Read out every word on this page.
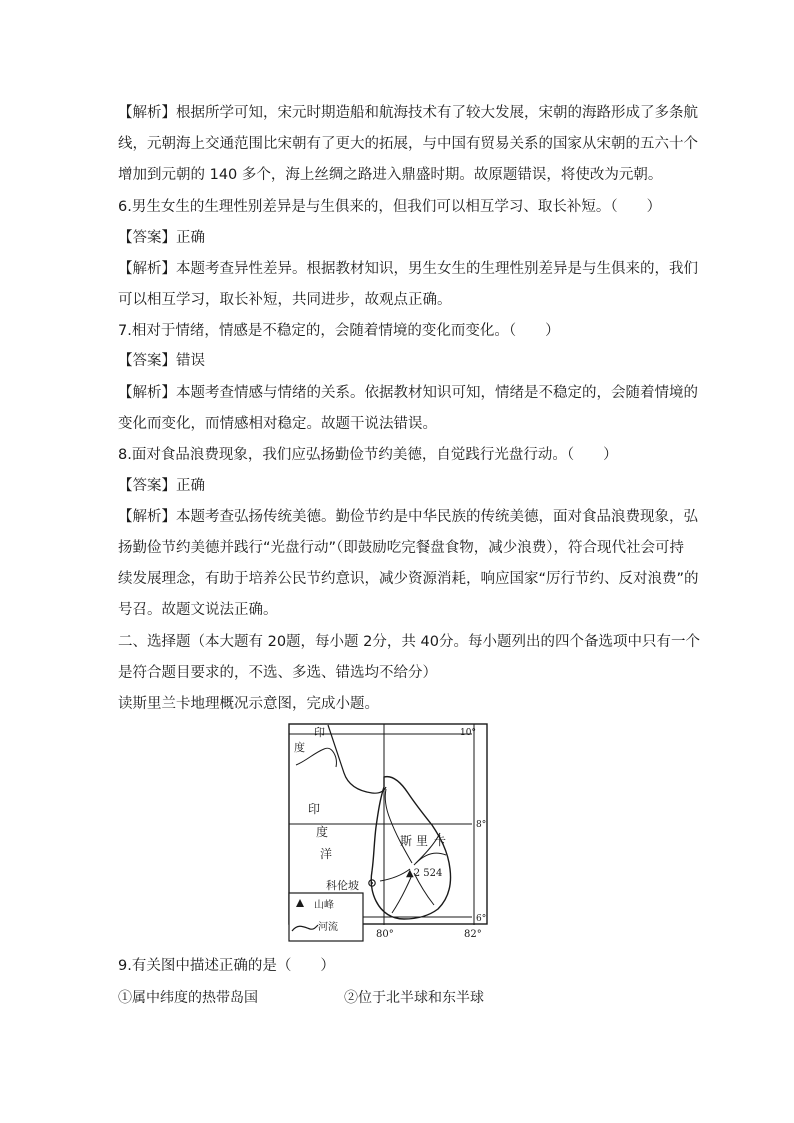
【解析】根据所学可知，宋元时期造船和航海技术有了较大发展，宋朝的海路形成了多条航
线，元朝海上交通范围比宋朝有了更大的拓展，与中国有贸易关系的国家从宋朝的五六十个
增加到元朝的 140 多个，海上丝绸之路进入鼎盛时期。故原题错误，将使改为元朝。
6.男生女生的生理性别差异是与生俱来的，但我们可以相互学习、取长补短。（　　）
【答案】正确
【解析】本题考查异性差异。根据教材知识，男生女生的生理性别差异是与生俱来的，我们
可以相互学习，取长补短，共同进步，故观点正确。
7.相对于情绪，情感是不稳定的，会随着情境的变化而变化。（　　）
【答案】错误
【解析】本题考查情感与情绪的关系。依据教材知识可知，情绪是不稳定的，会随着情境的
变化而变化，而情感相对稳定。故题干说法错误。
8.面对食品浪费现象，我们应弘扬勤俭节约美德，自觉践行光盘行动。（　　）
【答案】正确
【解析】本题考查弘扬传统美德。勤俭节约是中华民族的传统美德，面对食品浪费现象，弘
扬勤俭节约美德并践行“光盘行动”（即鼓励吃完餐盘食物，减少浪费），符合现代社会可持
续发展理念，有助于培养公民节约意识，减少资源消耗，响应国家“厉行节约、反对浪费”的
号召。故题文说法正确。
二、选择题（本大题有 20题，每小题 2分，共 40分。每小题列出的四个备选项中只有一个
是符合题目要求的，不选、多选、错选均不给分）
读斯里兰卡地理概况示意图，完成小题。
印
度
印
度
洋
斯 里 卡
▲2 524
科伦坡
10°
8°
6°
80°	82°
山峰
河流
9.有关图中描述正确的是（　　）
①属中纬度的热带岛国	②位于北半球和东半球
